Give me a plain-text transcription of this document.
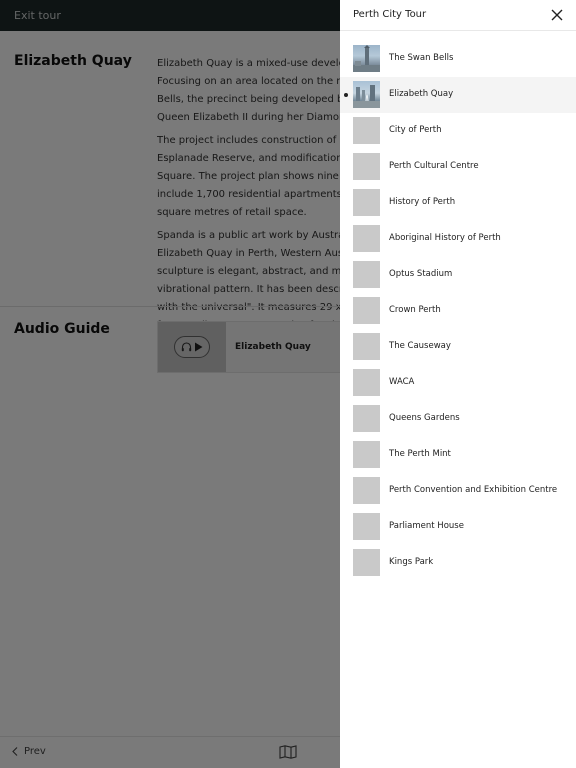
Perth City Tour
The Swan Bells
Elizabeth Quay
City of Perth
Perth Cultural Centre
History of Perth
Aboriginal History of Perth
Optus Stadium
Crown Perth
The Causeway
WACA
Queens Gardens
The Perth Mint
Perth Convention and Exhibition Centre
Parliament House
Kings Park
